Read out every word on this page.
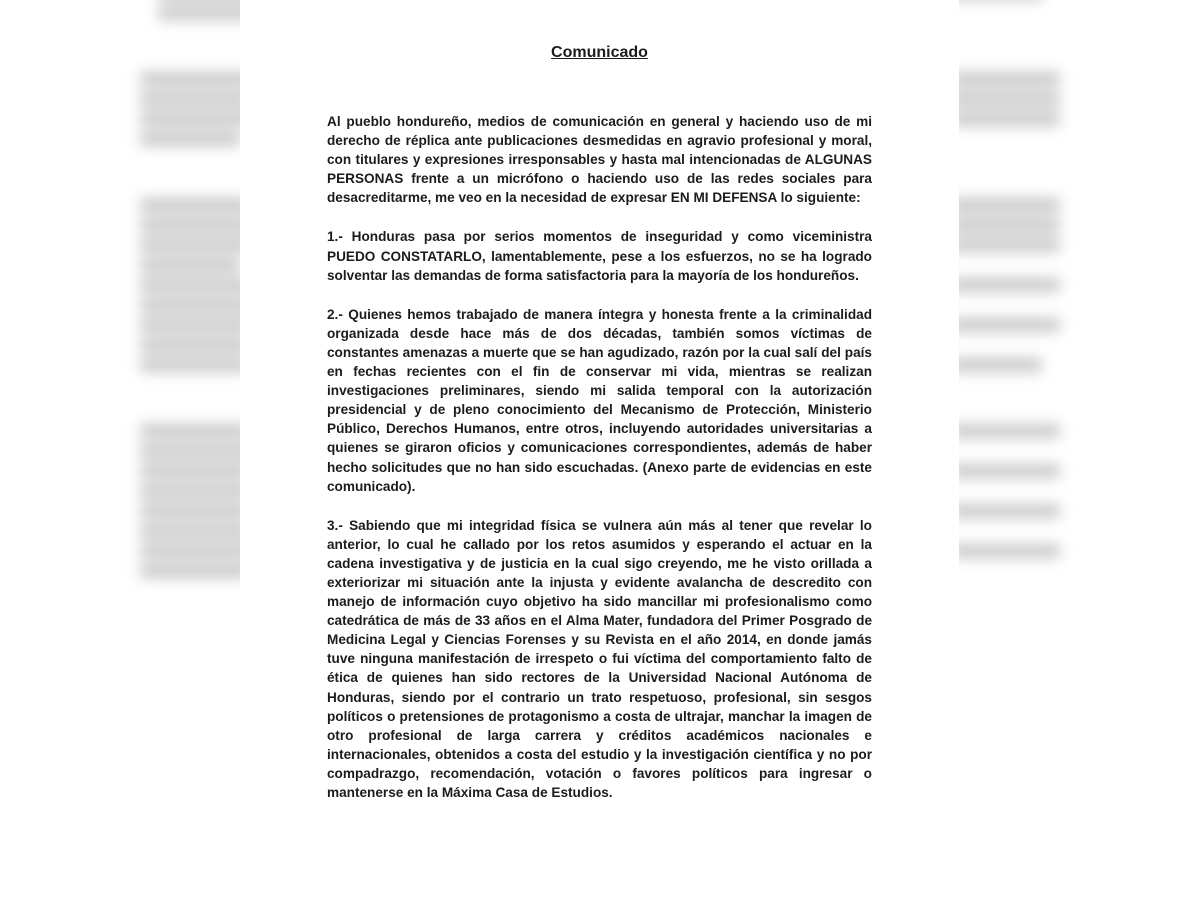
Comunicado

Al pueblo hondureño, medios de comunicación en general y haciendo uso de mi derecho de réplica ante publicaciones desmedidas en agravio profesional y moral, con titulares y expresiones irresponsables y hasta mal intencionadas de ALGUNAS PERSONAS frente a un micrófono o haciendo uso de las redes sociales para desacreditarme, me veo en la necesidad de expresar EN MI DEFENSA lo siguiente:

1.- Honduras pasa por serios momentos de inseguridad y como viceministra PUEDO CONSTATARLO, lamentablemente, pese a los esfuerzos, no se ha logrado solventar las demandas de forma satisfactoria para la mayoría de los hondureños.

2.- Quienes hemos trabajado de manera íntegra y honesta frente a la criminalidad organizada desde hace más de dos décadas, también somos víctimas de constantes amenazas a muerte que se han agudizado, razón por la cual salí del país en fechas recientes con el fin de conservar mi vida, mientras se realizan investigaciones preliminares, siendo mi salida temporal con la autorización presidencial y de pleno conocimiento del Mecanismo de Protección, Ministerio Público, Derechos Humanos, entre otros, incluyendo autoridades universitarias a quienes se giraron oficios y comunicaciones correspondientes, además de haber hecho solicitudes que no han sido escuchadas. (Anexo parte de evidencias en este comunicado).

3.- Sabiendo que mi integridad física se vulnera aún más al tener que revelar lo anterior, lo cual he callado por los retos asumidos y esperando el actuar en la cadena investigativa y de justicia en la cual sigo creyendo, me he visto orillada a exteriorizar mi situación ante la injusta y evidente avalancha de descredito con manejo de información cuyo objetivo ha sido mancillar mi profesionalismo como catedrática de más de 33 años en el Alma Mater, fundadora del Primer Posgrado de Medicina Legal y Ciencias Forenses y su Revista en el año 2014, en donde jamás tuve ninguna manifestación de irrespeto o fui víctima del comportamiento falto de ética de quienes han sido rectores de la Universidad Nacional Autónoma de Honduras, siendo por el contrario un trato respetuoso, profesional, sin sesgos políticos o pretensiones de protagonismo a costa de ultrajar, manchar la imagen de otro profesional de larga carrera y créditos académicos nacionales e internacionales, obtenidos a costa del estudio y la investigación científica y no por compadrazgo, recomendación, votación o favores políticos para ingresar o mantenerse en la Máxima Casa de Estudios.
